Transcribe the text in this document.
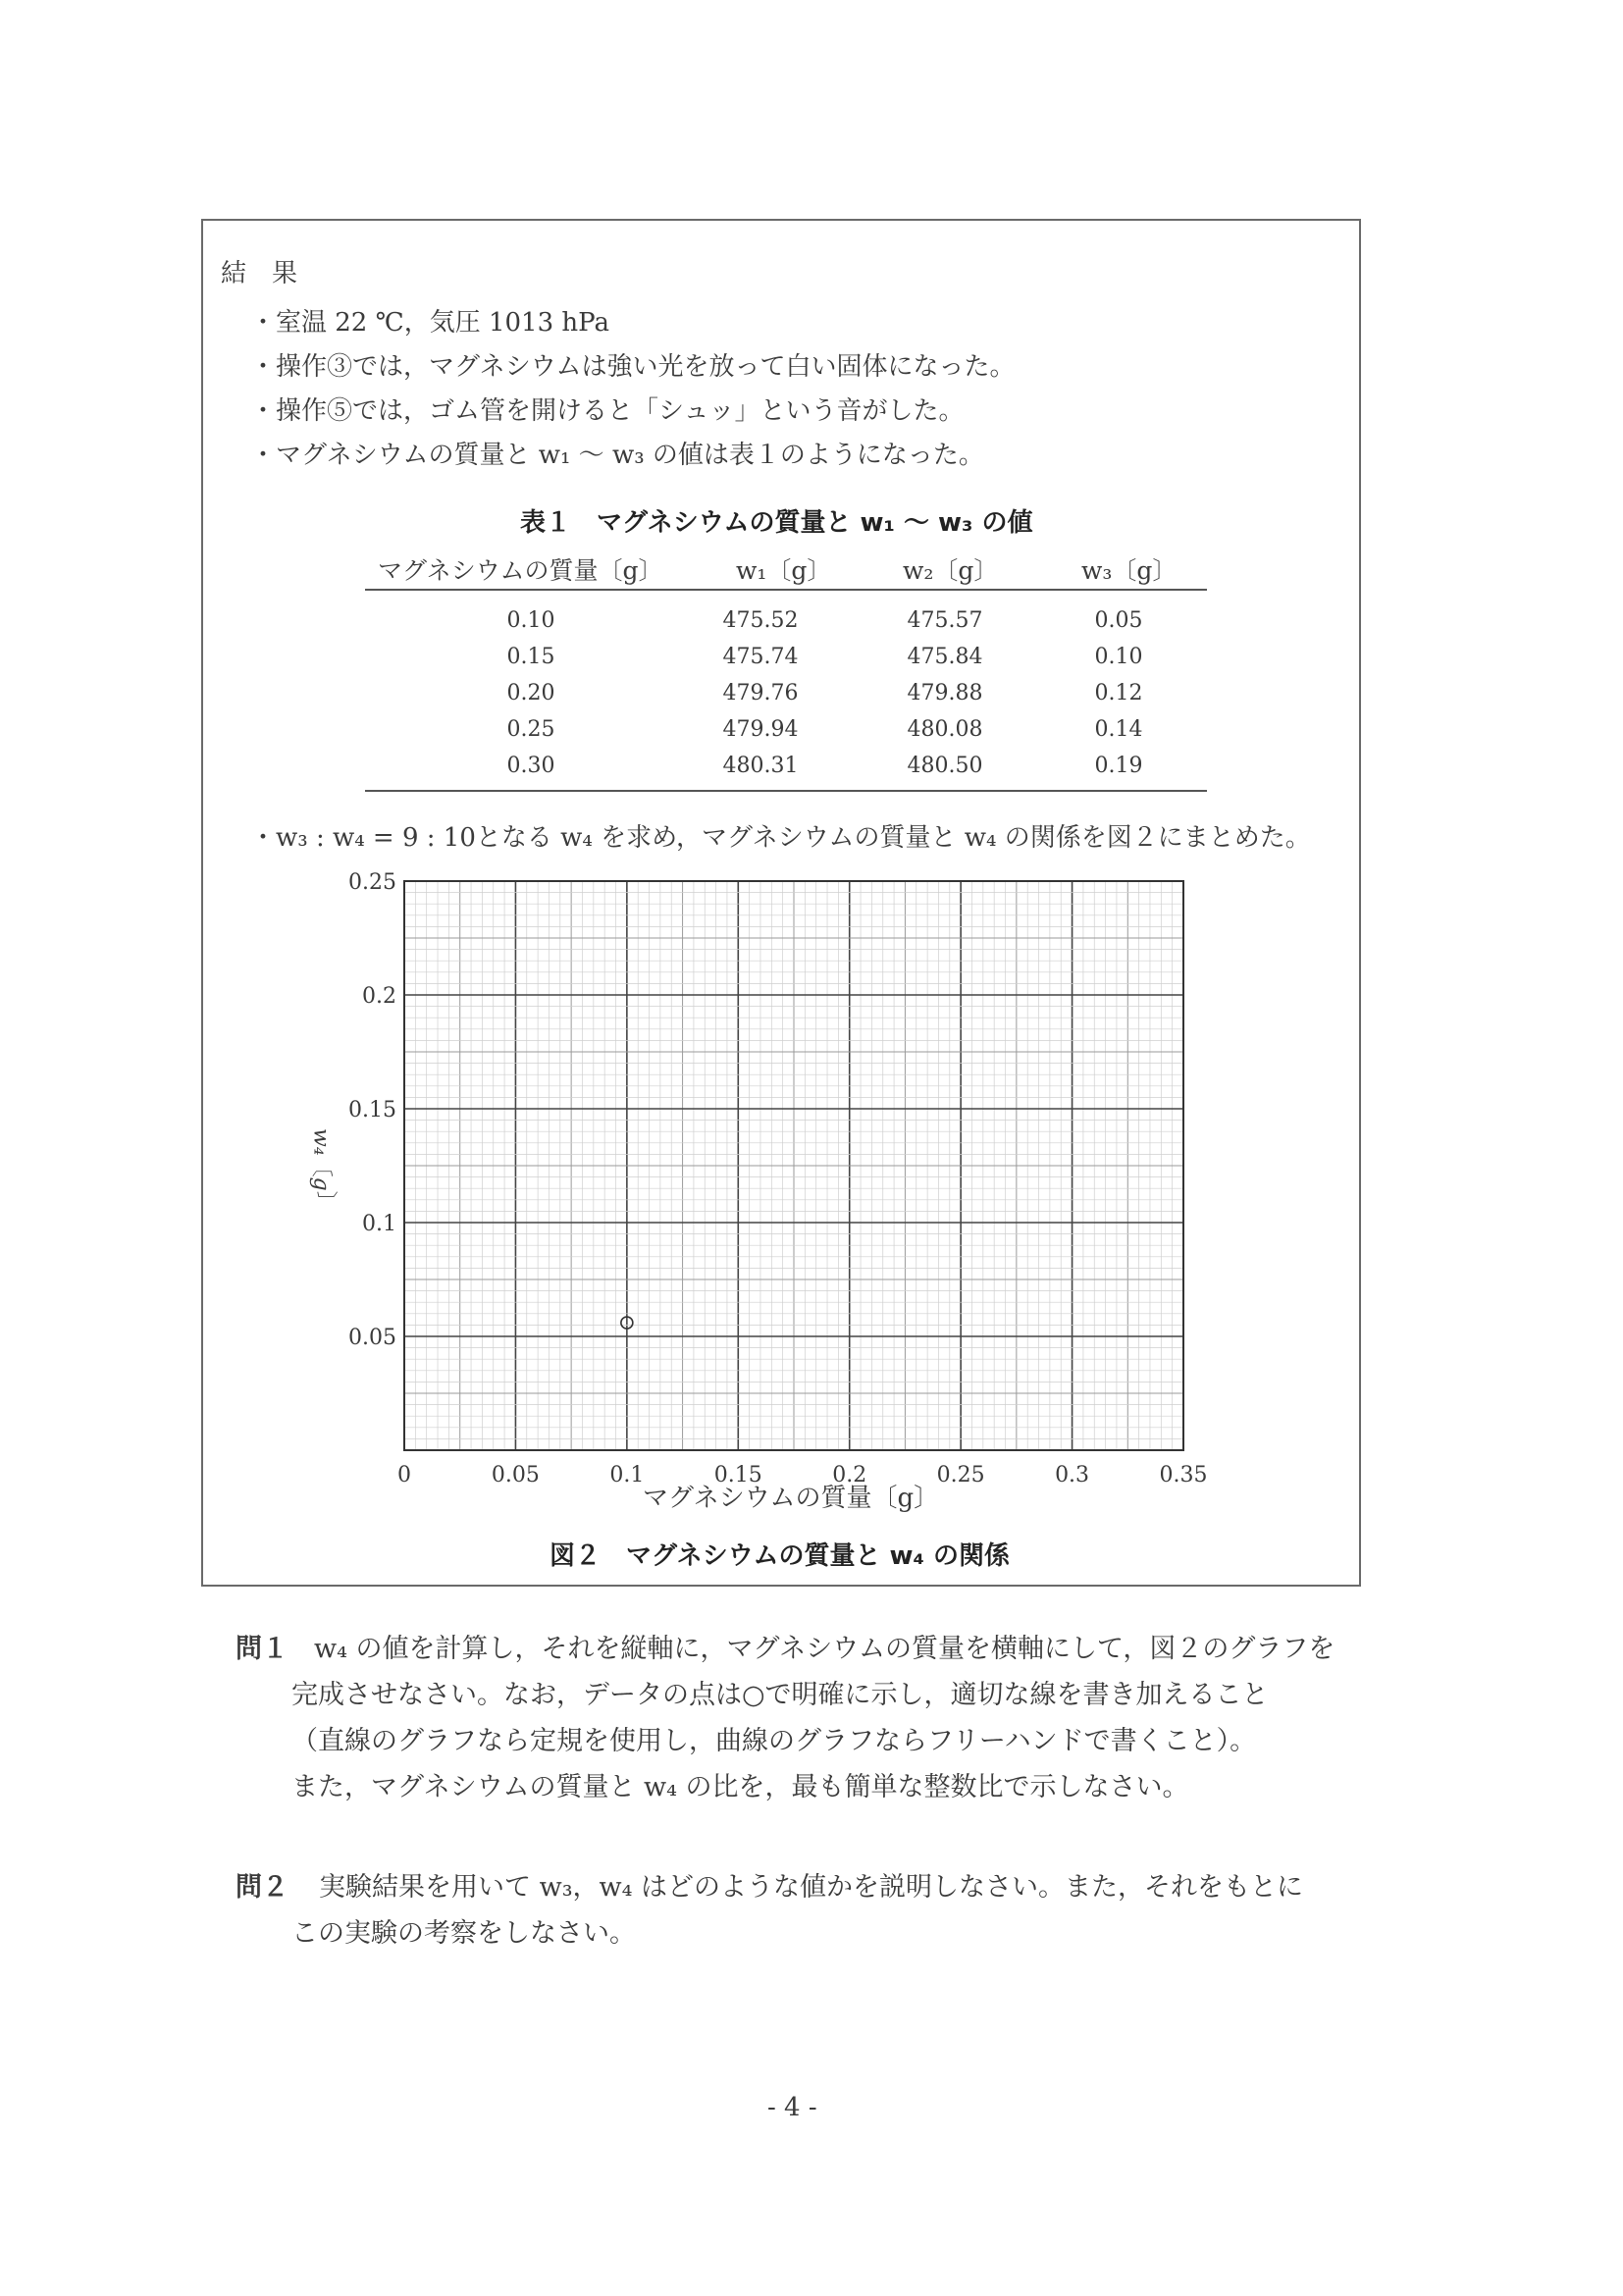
結　果
・室温 22 ℃，気圧 1013 hPa
・操作③では，マグネシウムは強い光を放って白い固体になった。
・操作⑤では，ゴム管を開けると「シュッ」という音がした。
・マグネシウムの質量と w₁ ～ w₃ の値は表１のようになった。
表１　マグネシウムの質量と w₁ ～ w₃ の値
マグネシウムの質量〔g〕	w₁〔g〕	w₂〔g〕	w₃〔g〕
0.10	475.52	475.57	0.05
0.15	475.74	475.84	0.10
0.20	479.76	479.88	0.12
0.25	479.94	480.08	0.14
0.30	480.31	480.50	0.19
・w₃ : w₄ = 9 : 10となる w₄ を求め，マグネシウムの質量と w₄ の関係を図２にまとめた。
0	0.05	0.1	0.15	0.2	0.25	0.3	0.35
0.05
0.1
0.15
0.2
0.25
w₄〔g〕
マグネシウムの質量〔g〕
図２　マグネシウムの質量と w₄ の関係
問１ w₄ の値を計算し，それを縦軸に，マグネシウムの質量を横軸にして，図２のグラフを
完成させなさい。なお，データの点は○で明確に示し，適切な線を書き加えること
（直線のグラフなら定規を使用し，曲線のグラフならフリーハンドで書くこと）。
また，マグネシウムの質量と w₄ の比を，最も簡単な整数比で示しなさい。
問２ 実験結果を用いて w₃，w₄ はどのような値かを説明しなさい。また，それをもとに
この実験の考察をしなさい。
- 4 -
